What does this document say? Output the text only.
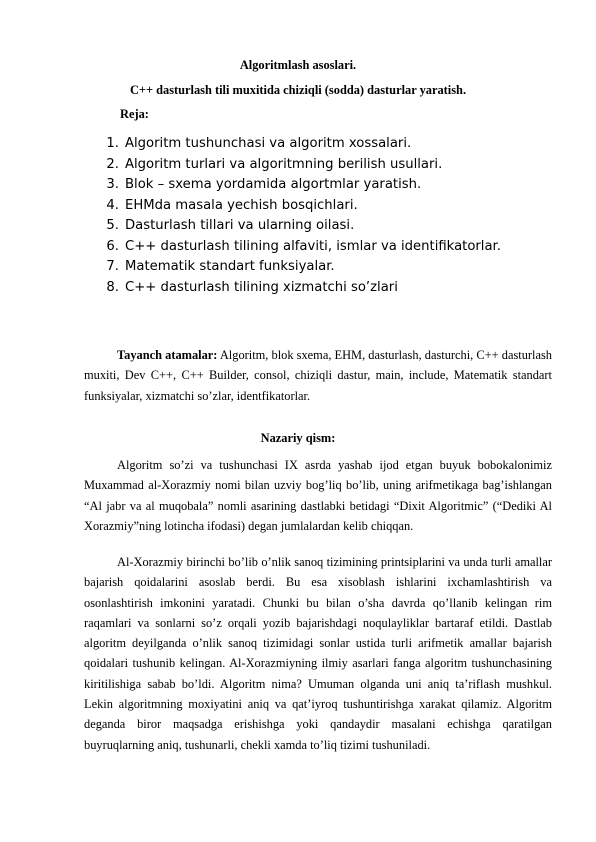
Algoritmlash asoslari.
C++ dasturlash tili muxitida chiziqli (sodda) dasturlar yaratish.
Reja:
1. Algoritm tushunchasi va algoritm xossalari.
2. Algoritm turlari va algoritmning berilish usullari.
3. Blok – sxema yordamida algortmlar yaratish.
4. EHMda masala yechish bosqichlari.
5. Dasturlash tillari va ularning oilasi.
6. C++ dasturlash tilining alfaviti, ismlar va identifikatorlar.
7. Matematik standart funksiyalar.
8. C++ dasturlash tilining xizmatchi so’zlari

Tayanch atamalar: Algoritm, blok sxema, EHM, dasturlash, dasturchi, C++ dasturlash muxiti, Dev C++, C++ Builder, consol, chiziqli dastur, main, include, Matematik standart funksiyalar, xizmatchi so’zlar, identfikatorlar.

Nazariy qism:

Algoritm so’zi va tushunchasi IX asrda yashab ijod etgan buyuk bobokalonimiz Muxammad al-Xorazmiy nomi bilan uzviy bog’liq bo’lib, uning arifmetikaga bag’ishlangan “Al jabr va al muqobala” nomli asarining dastlabki betidagi “Dixit Algoritmic” (“Dediki Al Xorazmiy”ning lotincha ifodasi) degan jumlalardan kelib chiqqan.

Al-Xorazmiy birinchi bo’lib o’nlik sanoq tizimining printsiplarini va unda turli amallar bajarish qoidalarini asoslab berdi. Bu esa xisoblash ishlarini ixchamlashtirish va osonlashtirish imkonini yaratadi. Chunki bu bilan o’sha davrda qo’llanib kelingan rim raqamlari va sonlarni so’z orqali yozib bajarishdagi noqulayliklar bartaraf etildi. Dastlab algoritm deyilganda o’nlik sanoq tizimidagi sonlar ustida turli arifmetik amallar bajarish qoidalari tushunib kelingan. Al-Xorazmiyning ilmiy asarlari fanga algoritm tushunchasining kiritilishiga sabab bo’ldi. Algoritm nima? Umuman olganda uni aniq ta’riflash mushkul. Lekin algoritmning moxiyatini aniq va qat’iyroq tushuntirishga xarakat qilamiz. Algoritm deganda biror maqsadga erishishga yoki qandaydir masalani echishga qaratilgan buyruqlarning aniq, tushunarli, chekli xamda to’liq tizimi tushuniladi.
